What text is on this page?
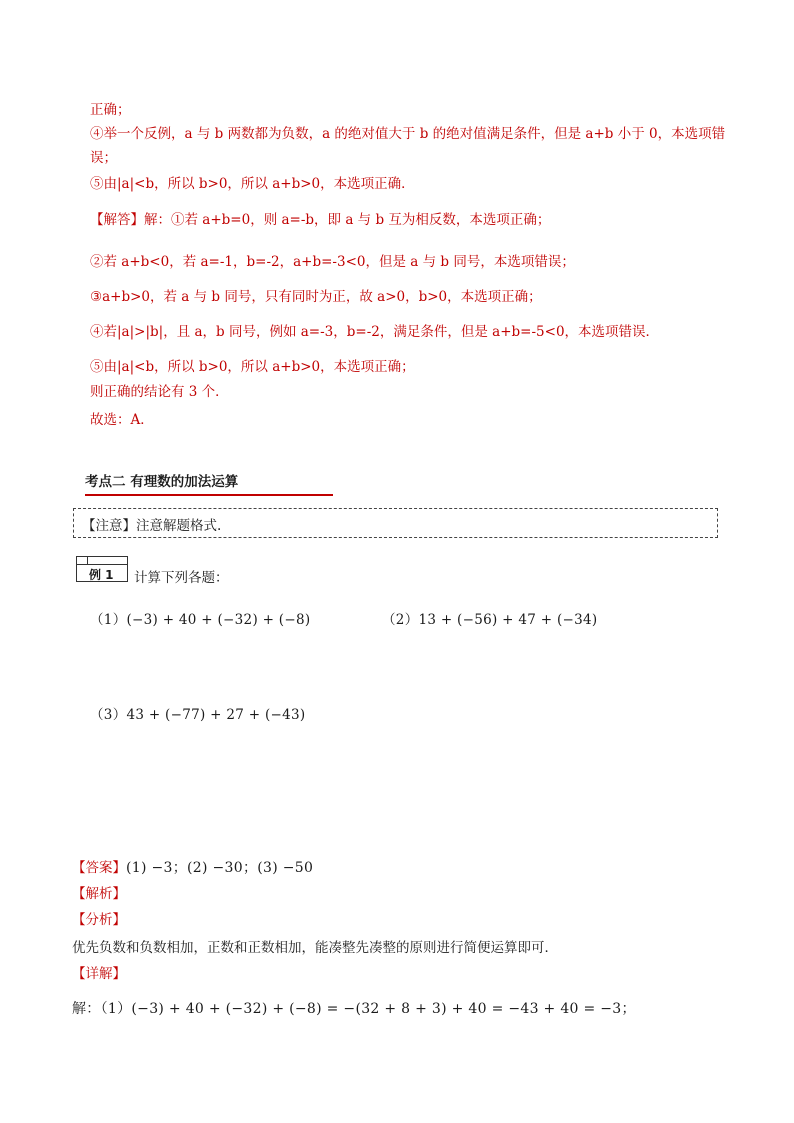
正确；
④举一个反例，a 与 b 两数都为负数，a 的绝对值大于 b 的绝对值满足条件，但是 a+b 小于 0，本选项错
误；
⑤由|a|<b，所以 b>0，所以 a+b>0，本选项正确．
【解答】解：①若 a+b=0，则 a=-b，即 a 与 b 互为相反数，本选项正确；
②若 a+b<0，若 a=-1，b=-2，a+b=-3<0，但是 a 与 b 同号，本选项错误；
③a+b>0，若 a 与 b 同号，只有同时为正，故 a>0，b>0，本选项正确；
④若|a|>|b|，且 a，b 同号，例如 a=-3，b=-2，满足条件，但是 a+b=-5<0，本选项错误．
⑤由|a|<b，所以 b>0，所以 a+b>0，本选项正确；
则正确的结论有 3 个．
故选：A．
考点二 有理数的加法运算
【注意】注意解题格式.
例 1 计算下列各题：
（1）(−3) + 40 + (−32) + (−8)	（2）13 + (−56) + 47 + (−34)
（3）43 + (−77) + 27 + (−43)
【答案】(1) −3；(2) −30；(3) −50
【解析】
【分析】
优先负数和负数相加，正数和正数相加，能凑整先凑整的原则进行简便运算即可．
【详解】
解：（1）(−3) + 40 + (−32) + (−8) = −(32 + 8 + 3) + 40 = −43 + 40 = −3；
